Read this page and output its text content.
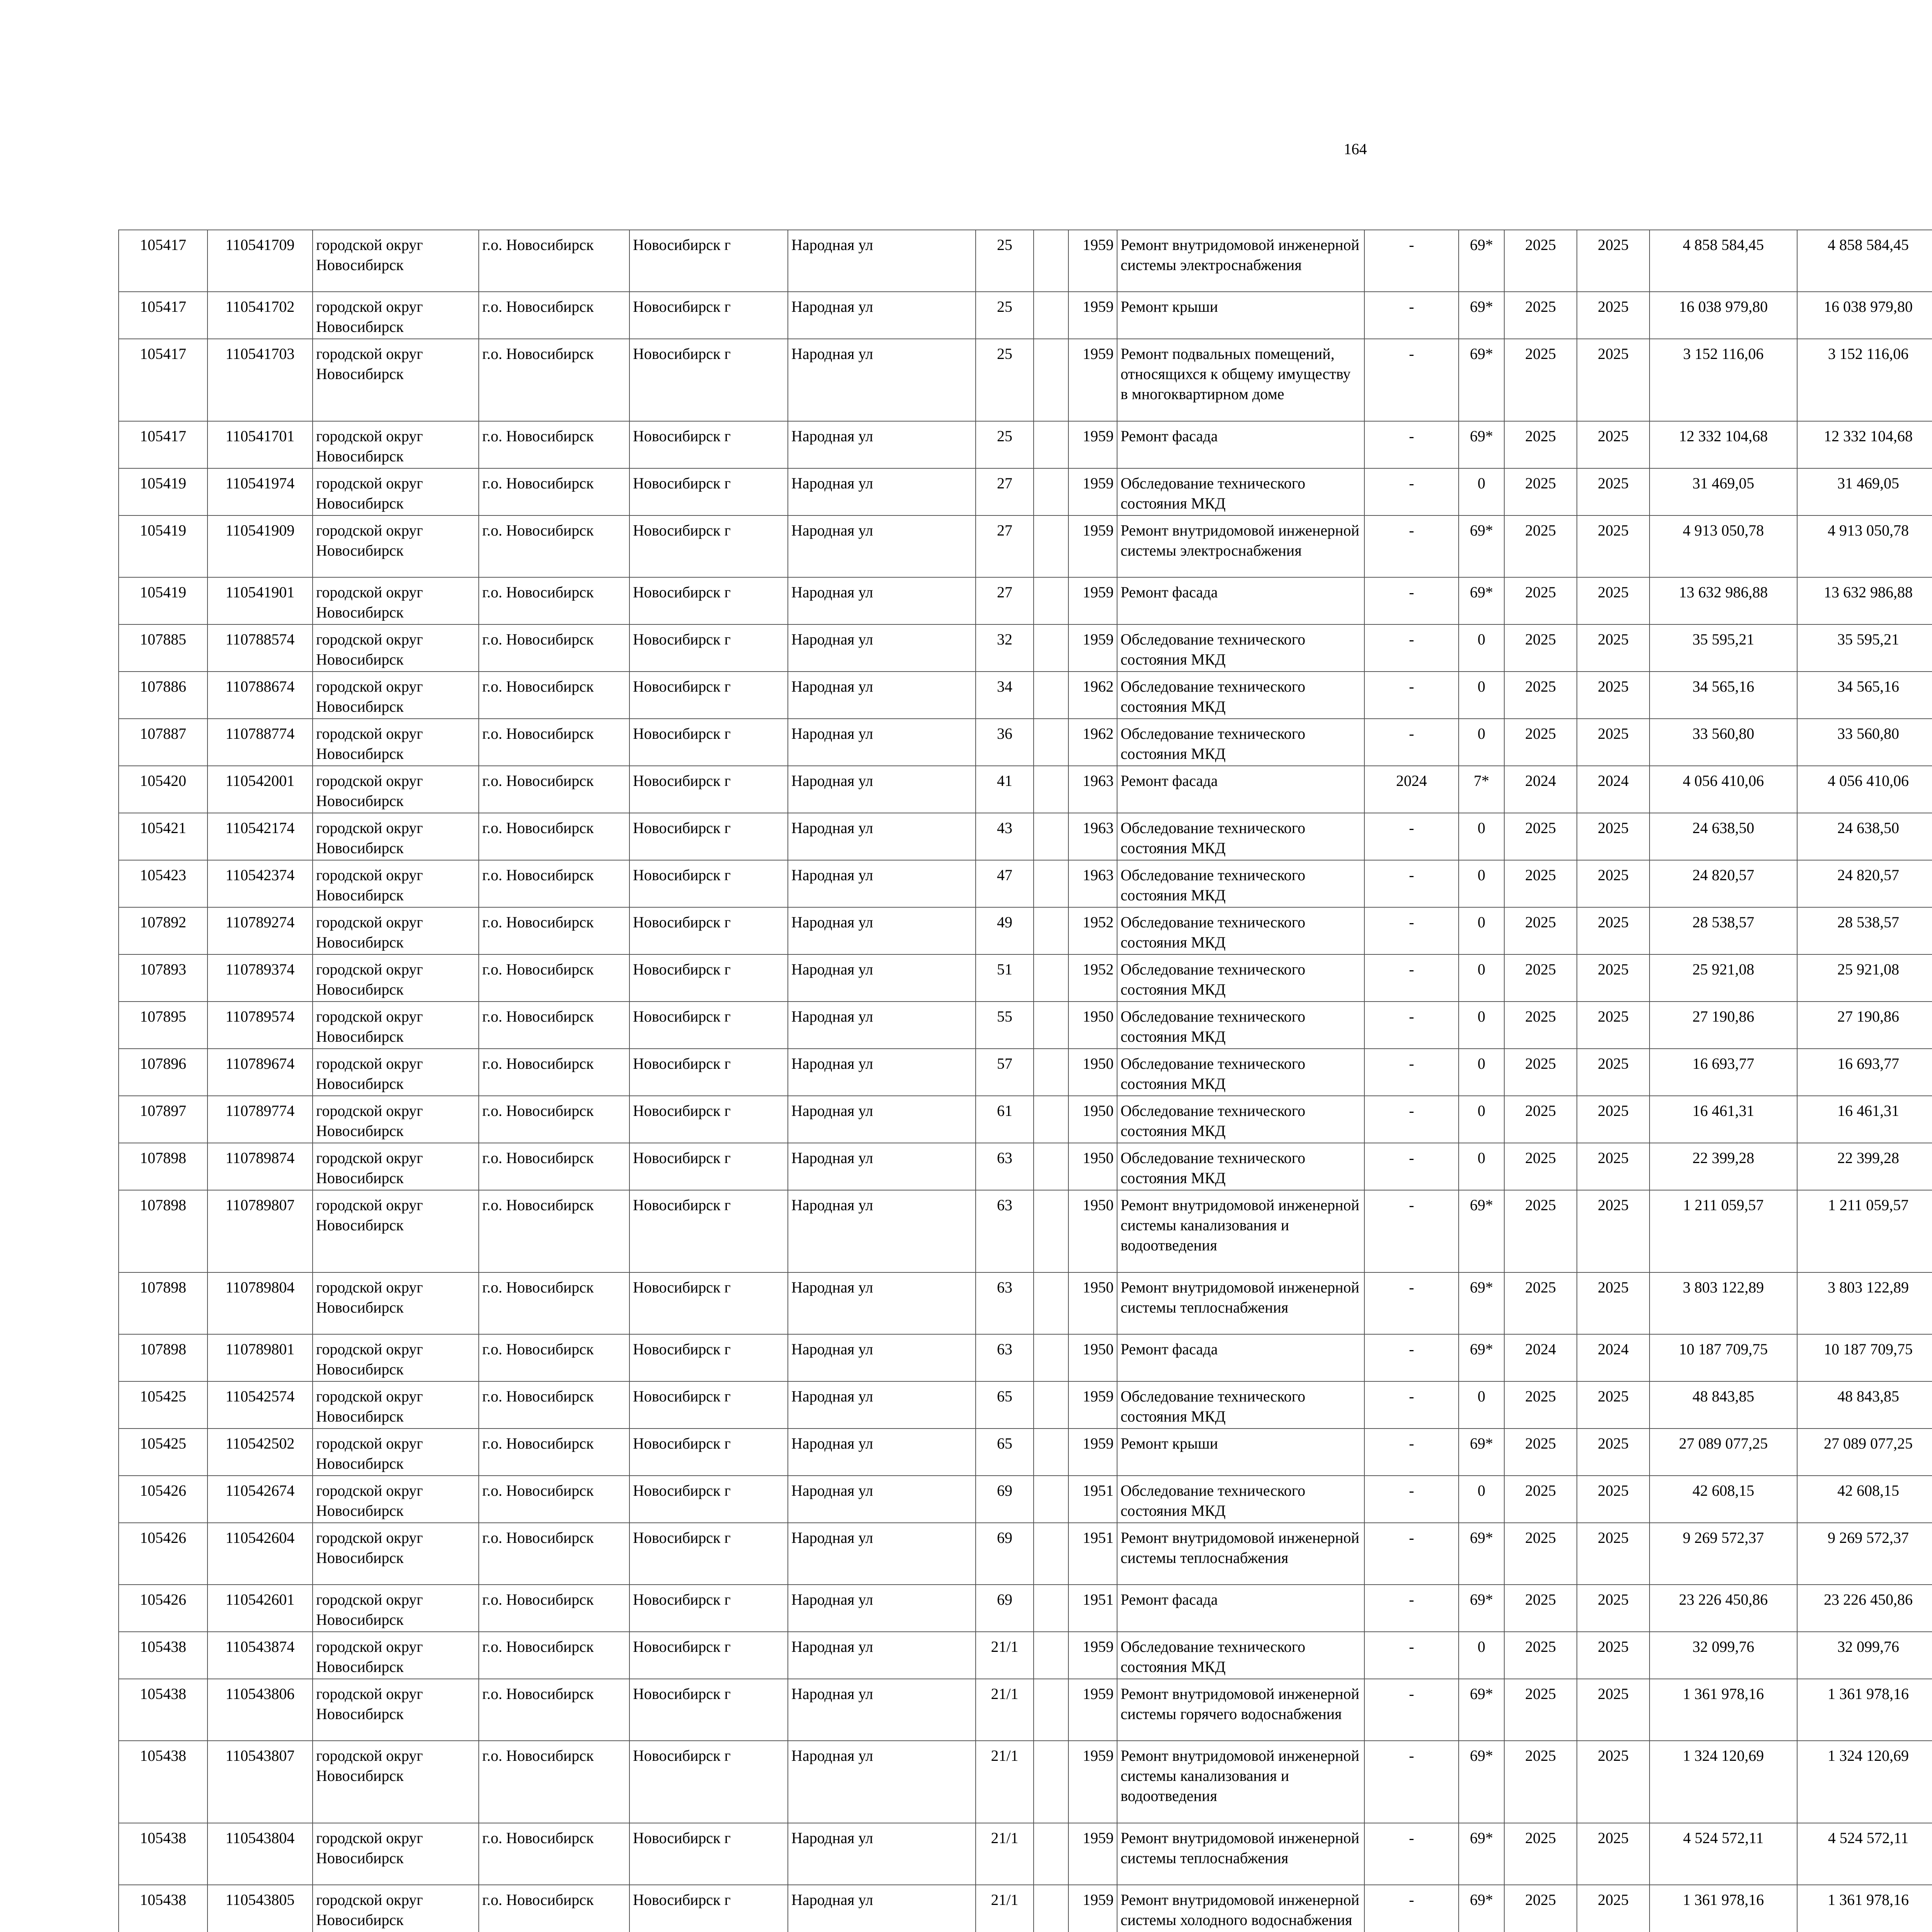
164
105417	110541709	городской округ Новосибирск	г.о. Новосибирск	Новосибирск г	Народная ул	25		1959	Ремонт внутридомовой инженерной системы электроснабжения	-	69*	2025	2025	4 858 584,45	4 858 584,45						
105417	110541702	городской округ Новосибирск	г.о. Новосибирск	Новосибирск г	Народная ул	25		1959	Ремонт крыши	-	69*	2025	2025	16 038 979,80	16 038 979,80						
105417	110541703	городской округ Новосибирск	г.о. Новосибирск	Новосибирск г	Народная ул	25		1959	Ремонт подвальных помещений, относящихся к общему имуществу в многоквартирном доме	-	69*	2025	2025	3 152 116,06	3 152 116,06						
105417	110541701	городской округ Новосибирск	г.о. Новосибирск	Новосибирск г	Народная ул	25		1959	Ремонт фасада	-	69*	2025	2025	12 332 104,68	12 332 104,68						
105419	110541974	городской округ Новосибирск	г.о. Новосибирск	Новосибирск г	Народная ул	27		1959	Обследование технического состояния МКД	-	0	2025	2025	31 469,05	31 469,05						
105419	110541909	городской округ Новосибирск	г.о. Новосибирск	Новосибирск г	Народная ул	27		1959	Ремонт внутридомовой инженерной системы электроснабжения	-	69*	2025	2025	4 913 050,78	4 913 050,78						
105419	110541901	городской округ Новосибирск	г.о. Новосибирск	Новосибирск г	Народная ул	27		1959	Ремонт фасада	-	69*	2025	2025	13 632 986,88	13 632 986,88						
107885	110788574	городской округ Новосибирск	г.о. Новосибирск	Новосибирск г	Народная ул	32		1959	Обследование технического состояния МКД	-	0	2025	2025	35 595,21	35 595,21						
107886	110788674	городской округ Новосибирск	г.о. Новосибирск	Новосибирск г	Народная ул	34		1962	Обследование технического состояния МКД	-	0	2025	2025	34 565,16	34 565,16						
107887	110788774	городской округ Новосибирск	г.о. Новосибирск	Новосибирск г	Народная ул	36		1962	Обследование технического состояния МКД	-	0	2025	2025	33 560,80	33 560,80						
105420	110542001	городской округ Новосибирск	г.о. Новосибирск	Новосибирск г	Народная ул	41		1963	Ремонт фасада	2024	7*	2024	2024	4 056 410,06	4 056 410,06						
105421	110542174	городской округ Новосибирск	г.о. Новосибирск	Новосибирск г	Народная ул	43		1963	Обследование технического состояния МКД	-	0	2025	2025	24 638,50	24 638,50						
105423	110542374	городской округ Новосибирск	г.о. Новосибирск	Новосибирск г	Народная ул	47		1963	Обследование технического состояния МКД	-	0	2025	2025	24 820,57	24 820,57						
107892	110789274	городской округ Новосибирск	г.о. Новосибирск	Новосибирск г	Народная ул	49		1952	Обследование технического состояния МКД	-	0	2025	2025	28 538,57	28 538,57						
107893	110789374	городской округ Новосибирск	г.о. Новосибирск	Новосибирск г	Народная ул	51		1952	Обследование технического состояния МКД	-	0	2025	2025	25 921,08	25 921,08						
107895	110789574	городской округ Новосибирск	г.о. Новосибирск	Новосибирск г	Народная ул	55		1950	Обследование технического состояния МКД	-	0	2025	2025	27 190,86	27 190,86						
107896	110789674	городской округ Новосибирск	г.о. Новосибирск	Новосибирск г	Народная ул	57		1950	Обследование технического состояния МКД	-	0	2025	2025	16 693,77	16 693,77						
107897	110789774	городской округ Новосибирск	г.о. Новосибирск	Новосибирск г	Народная ул	61		1950	Обследование технического состояния МКД	-	0	2025	2025	16 461,31	16 461,31						
107898	110789874	городской округ Новосибирск	г.о. Новосибирск	Новосибирск г	Народная ул	63		1950	Обследование технического состояния МКД	-	0	2025	2025	22 399,28	22 399,28						
107898	110789807	городской округ Новосибирск	г.о. Новосибирск	Новосибирск г	Народная ул	63		1950	Ремонт внутридомовой инженерной системы канализования и водоотведения	-	69*	2025	2025	1 211 059,57	1 211 059,57						
107898	110789804	городской округ Новосибирск	г.о. Новосибирск	Новосибирск г	Народная ул	63		1950	Ремонт внутридомовой инженерной системы теплоснабжения	-	69*	2025	2025	3 803 122,89	3 803 122,89						
107898	110789801	городской округ Новосибирск	г.о. Новосибирск	Новосибирск г	Народная ул	63		1950	Ремонт фасада	-	69*	2024	2024	10 187 709,75	10 187 709,75						
105425	110542574	городской округ Новосибирск	г.о. Новосибирск	Новосибирск г	Народная ул	65		1959	Обследование технического состояния МКД	-	0	2025	2025	48 843,85	48 843,85						
105425	110542502	городской округ Новосибирск	г.о. Новосибирск	Новосибирск г	Народная ул	65		1959	Ремонт крыши	-	69*	2025	2025	27 089 077,25	27 089 077,25						
105426	110542674	городской округ Новосибирск	г.о. Новосибирск	Новосибирск г	Народная ул	69		1951	Обследование технического состояния МКД	-	0	2025	2025	42 608,15	42 608,15						
105426	110542604	городской округ Новосибирск	г.о. Новосибирск	Новосибирск г	Народная ул	69		1951	Ремонт внутридомовой инженерной системы теплоснабжения	-	69*	2025	2025	9 269 572,37	9 269 572,37						
105426	110542601	городской округ Новосибирск	г.о. Новосибирск	Новосибирск г	Народная ул	69		1951	Ремонт фасада	-	69*	2025	2025	23 226 450,86	23 226 450,86						
105438	110543874	городской округ Новосибирск	г.о. Новосибирск	Новосибирск г	Народная ул	21/1		1959	Обследование технического состояния МКД	-	0	2025	2025	32 099,76	32 099,76						
105438	110543806	городской округ Новосибирск	г.о. Новосибирск	Новосибирск г	Народная ул	21/1		1959	Ремонт внутридомовой инженерной системы горячего водоснабжения	-	69*	2025	2025	1 361 978,16	1 361 978,16						
105438	110543807	городской округ Новосибирск	г.о. Новосибирск	Новосибирск г	Народная ул	21/1		1959	Ремонт внутридомовой инженерной системы канализования и водоотведения	-	69*	2025	2025	1 324 120,69	1 324 120,69						
105438	110543804	городской округ Новосибирск	г.о. Новосибирск	Новосибирск г	Народная ул	21/1		1959	Ремонт внутридомовой инженерной системы теплоснабжения	-	69*	2025	2025	4 524 572,11	4 524 572,11						
105438	110543805	городской округ Новосибирск	г.о. Новосибирск	Новосибирск г	Народная ул	21/1		1959	Ремонт внутридомовой инженерной системы холодного водоснабжения	-	69*	2025	2025	1 361 978,16	1 361 978,16						
